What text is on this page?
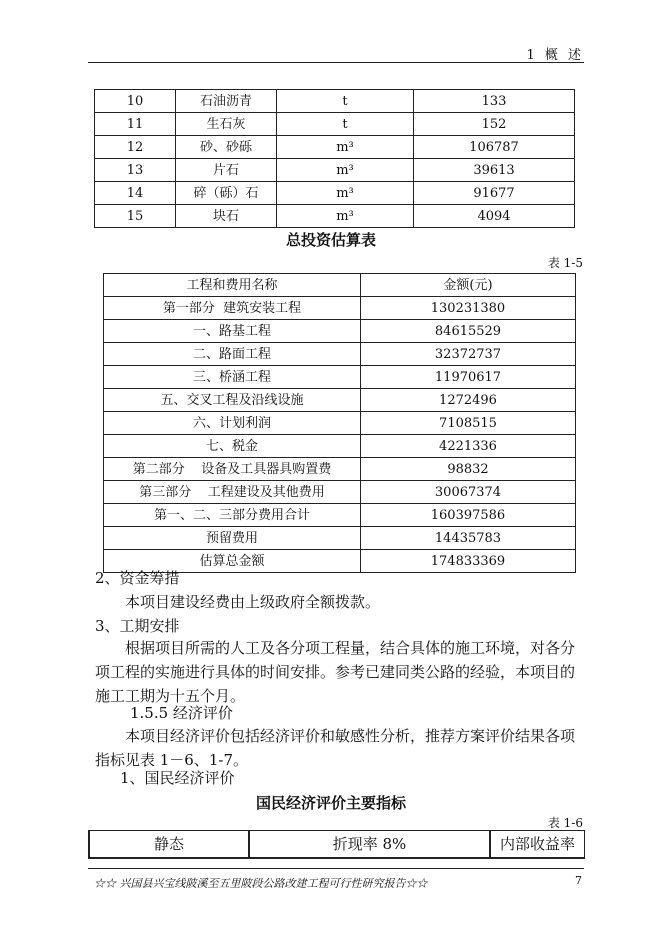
1 概 述
10	石油沥青	t	133
11	生石灰	t	152
12	砂、砂砾	m³	106787
13	片石	m³	39613
14	碎（砾）石	m³	91677
15	块石	m³	4094
总投资估算表
表 1-5
工程和费用名称	金额(元)
第一部分  建筑安装工程	130231380
一、路基工程	84615529
二、路面工程	32372737
三、桥涵工程	11970617
五、交叉工程及沿线设施	1272496
六、计划利润	7108515
七、税金	4221336
第二部分    设备及工具器具购置费	98832
第三部分    工程建设及其他费用	30067374
第一、二、三部分费用合计	160397586
预留费用	14435783
估算总金额	174833369
2、资金筹措
本项目建设经费由上级政府全额拨款。
3、工期安排
根据项目所需的人工及各分项工程量，结合具体的施工环境，对各分项工程的实施进行具体的时间安排。参考已建同类公路的经验，本项目的施工工期为十五个月。
1.5.5 经济评价
本项目经济评价包括经济评价和敏感性分析，推荐方案评价结果各项指标见表 1－6、1-7。
1、国民经济评价
国民经济评价主要指标
表 1-6
静态	折现率 8%	内部收益率
☆☆ 兴国县兴宝线陂溪至五里陂段公路改建工程可行性研究报告☆☆	7
